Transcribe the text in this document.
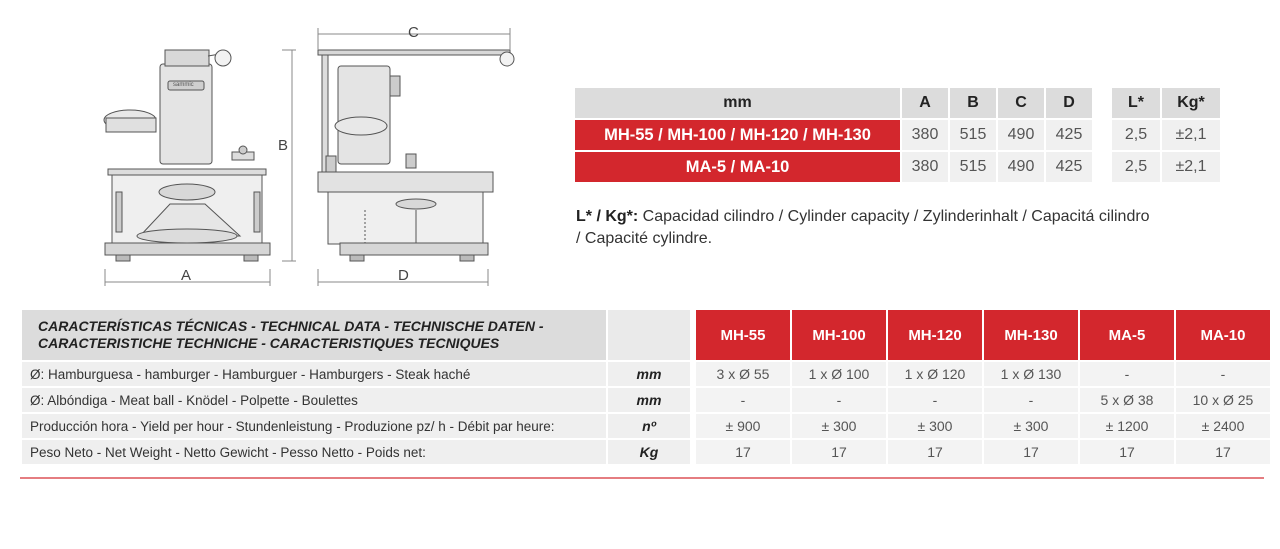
sammic
A
B
C
D
mm	A	B	C	D		L*	Kg*
MH-55 / MH-100 / MH-120 / MH-130	380	515	490	425		2,5	±2,1
MA-5 / MA-10	380	515	490	425		2,5	±2,1

L* / Kg*: Capacidad cilindro / Cylinder capacity / Zylinderinhalt / Capacitá cilindro / Capacité cylindre.

CARACTERÍSTICAS TÉCNICAS - TECHNICAL DATA - TECHNISCHE DATEN -
CARACTERISTICHE TECHNICHE - CARACTERISTIQUES TECNIQUES			MH-55	MH-100	MH-120	MH-130	MA-5	MA-10
Ø: Hamburguesa - hamburger - Hamburguer - Hamburgers - Steak haché	mm		3 x Ø 55	1 x Ø 100	1 x Ø 120	1 x Ø 130	-	-
Ø: Albóndiga - Meat ball - Knödel - Polpette - Boulettes	mm		-	-	-	-	5 x Ø 38	10 x Ø 25
Producción hora - Yield per hour - Stundenleistung - Produzione pz/ h - Débit par heure:	nº		± 900	± 300	± 300	± 300	± 1200	± 2400
Peso Neto - Net Weight - Netto Gewicht - Pesso Netto - Poids net:	Kg		17	17	17	17	17	17
